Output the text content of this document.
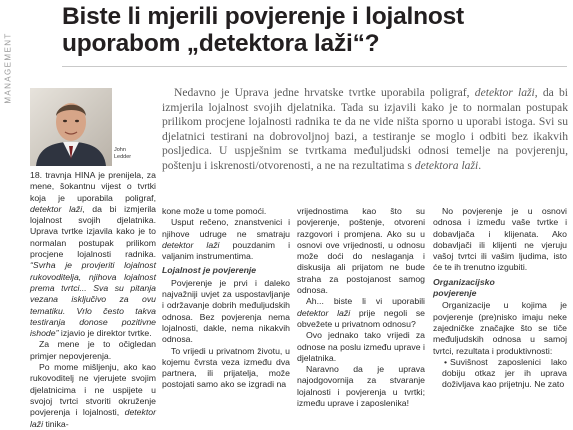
MANAGEMENT
Biste li mjerili povjerenje i lojalnost uporabom „detektora laži“?
John
Ledder

Nedavno je Uprava jedne hrvatske tvrtke uporabila poligraf, detektor laži, da bi izmjerila lojalnost svojih djelatnika. Tada su izjavili kako je to normalan postupak prilikom procjene lojalnosti radnika te da ne vide ništa sporno u uporabi istoga. Svi su djelatnici testirani na dobrovoljnoj bazi, a testiranje se moglo i odbiti bez ikakvih posljedica. U uspješnim se tvrtkama međuljudski odnosi temelje na povjerenju, poštenju i iskrenosti/otvorenosti, a ne na rezultatima s detektora laži.

18. travnja HINA je prenijela, za mene, šokantnu vijest o tvrtki koja je uporabila poligraf, detektor laži, da bi izmjerila lojalnost svojih djelatnika. Uprava tvrtke izjavila kako je to normalan postupak prilikom procjene lojalnosti radnika. “Svrha je provjeriti lojalnost rukovoditelja, njihova lojalnost prema tvrtci... Sva su pitanja vezana isključivo za ovu tematiku. Vrlo često takva testiranja donose pozitivne ishode” izjavio je direktor tvrtke.

Za mene je to očigledan primjer nepovjerenja.

Po mome mišljenju, ako kao rukovoditelj ne vjerujete svojim djelatnicima i ne uspijete u svojoj tvrtci stvoriti okruženje povjerenja i lojalnosti, detektor laži tinika-

kone može u tome pomoći.

Usput rečeno, znanstvenici i njihove udruge ne smatraju detektor laži pouzdanim i valjanim instrumentima.

Lojalnost je povjerenje

Povjerenje je prvi i daleko najvažniji uvjet za uspostavljanje i održavanje dobrih međuljudskih odnosa. Bez povjerenja nema lojalnosti, dakle, nema nikakvih odnosa.

To vrijedi u privatnom životu, u kojemu čvrsta veza između dva partnera, ili prijatelja, može postojati samo ako se izgradi na

vrijednostima kao što su povjerenje, poštenje, otvoreni razgovori i promjena. Ako su u osnovi ove vrijednosti, u odnosu može doći do neslaganja i diskusija ali prijatom ne bude straha za postojanost samog odnosa.

Ah... biste li vi uporabili detektor laži prije negoli se obvežete u privatnom odnosu?

Ovo jednako tako vrijedi za odnose na poslu između uprave i djelatnika.

Naravno da je uprava najodgovornija za stvaranje lojalnosti i povjerenja u tvrtki; između uprave i zaposlenika!

No povjerenje je u osnovi odnosa i između vaše tvrtke i dobavljača i klijenata. Ako dobavljači ili klijenti ne vjeruju vašoj tvrtci ili vašim ljudima, isto će te ih trenutno izgubiti.

Organizacijsko

povjerenje

Organizacije u kojima je povjerenje (pre)nisko imaju neke zajedničke značajke što se tiče međuljudskih odnosa u samoj tvrtci, rezultata i produktivnosti:

• Suvišnost zaposlenici lako dobiju otkaz jer ih uprava doživljava kao prijetnju. Ne zato
